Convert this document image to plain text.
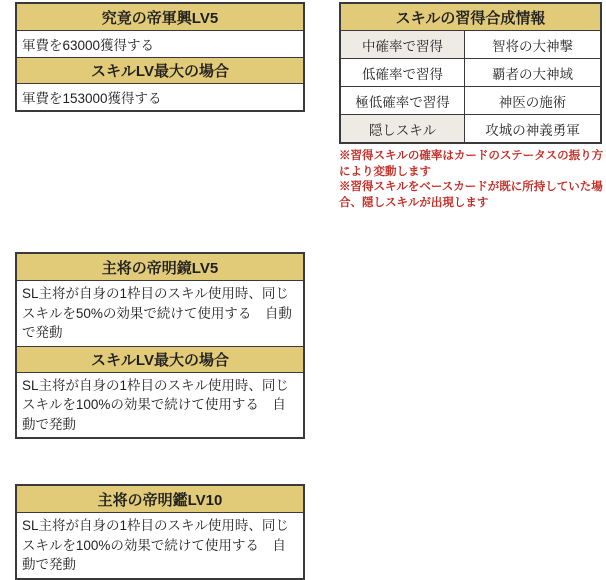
究竟の帝軍興LV5
軍費を63000獲得する
スキルLV最大の場合
軍費を153000獲得する
スキルの習得合成情報
中確率で習得	智将の大神撃
低確率で習得	覇者の大神域
極低確率で習得	神医の施術
隠しスキル	攻城の神義勇軍

※習得スキルの確率はカードのステータスの振り方により変動します

※習得スキルをベースカードが既に所持していた場合、隠しスキルが出現します

主将の帝明鏡LV5
SL主将が自身の1枠目のスキル使用時、同じスキルを50%の効果で続けて使用する　自動で発動
スキルLV最大の場合
SL主将が自身の1枠目のスキル使用時、同じスキルを100%の効果で続けて使用する　自動で発動
主将の帝明鑑LV10
SL主将が自身の1枠目のスキル使用時、同じスキルを100%の効果で続けて使用する　自動で発動
